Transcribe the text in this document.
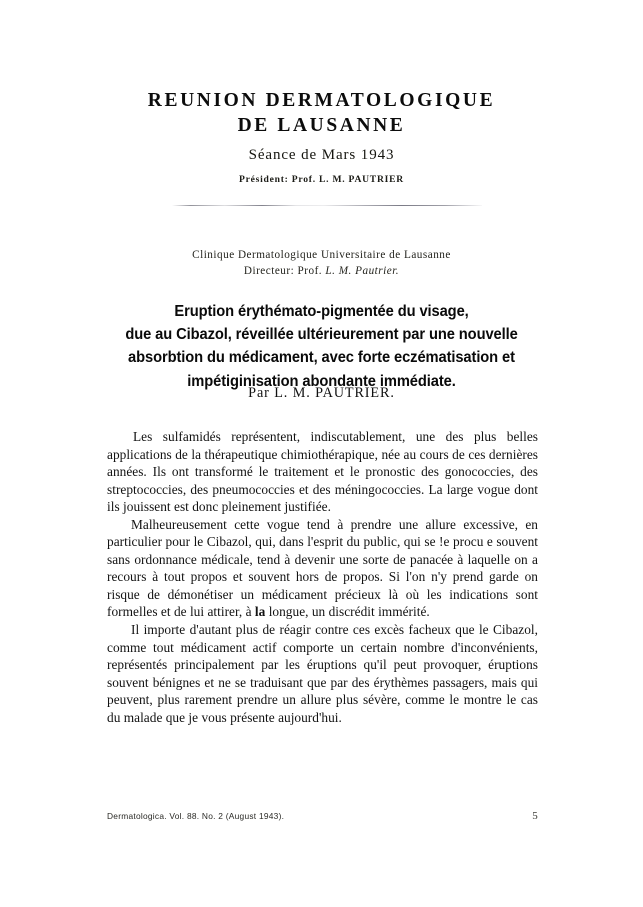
REUNION DERMATOLOGIQUE
DE LAUSANNE
Séance de Mars 1943
Président: Prof. L. M. PAUTRIER
Clinique Dermatologique Universitaire de Lausanne
Directeur: Prof. L. M. Pautrier.
Eruption érythémato-pigmentée du visage,
due au Cibazol, réveillée ultérieurement par une nouvelle
absorbtion du médicament, avec forte eczématisation et
impétiginisation abondante immédiate.
Par L. M. PAUTRIER.

Les sulfamidés représentent, indiscutablement, une des plus belles applications de la thérapeutique chimiothérapique, née au cours de ces dernières années. Ils ont transformé le traitement et le pronostic des gonococcies, des streptococcies, des pneumococcies et des méningococcies. La large vogue dont ils jouissent est donc pleinement justifiée.

Malheureusement cette vogue tend à prendre une allure excessive, en particulier pour le Cibazol, qui, dans l'esprit du public, qui se !e procu e souvent sans ordonnance médicale, tend à devenir une sorte de panacée à laquelle on a recours à tout propos et souvent hors de propos. Si l'on n'y prend garde on risque de démonétiser un médicament précieux là où les indications sont formelles et de lui attirer, à la longue, un discrédit immérité.

Il importe d'autant plus de réagir contre ces excès facheux que le Cibazol, comme tout médicament actif comporte un certain nombre d'inconvénients, représentés principalement par les éruptions qu'il peut provoquer, éruptions souvent bénignes et ne se traduisant que par des érythèmes passagers, mais qui peuvent, plus rarement prendre un allure plus sévère, comme le montre le cas du malade que je vous présente aujourd'hui.

Dermatologica. Vol. 88. No. 2 (August 1943).	5
